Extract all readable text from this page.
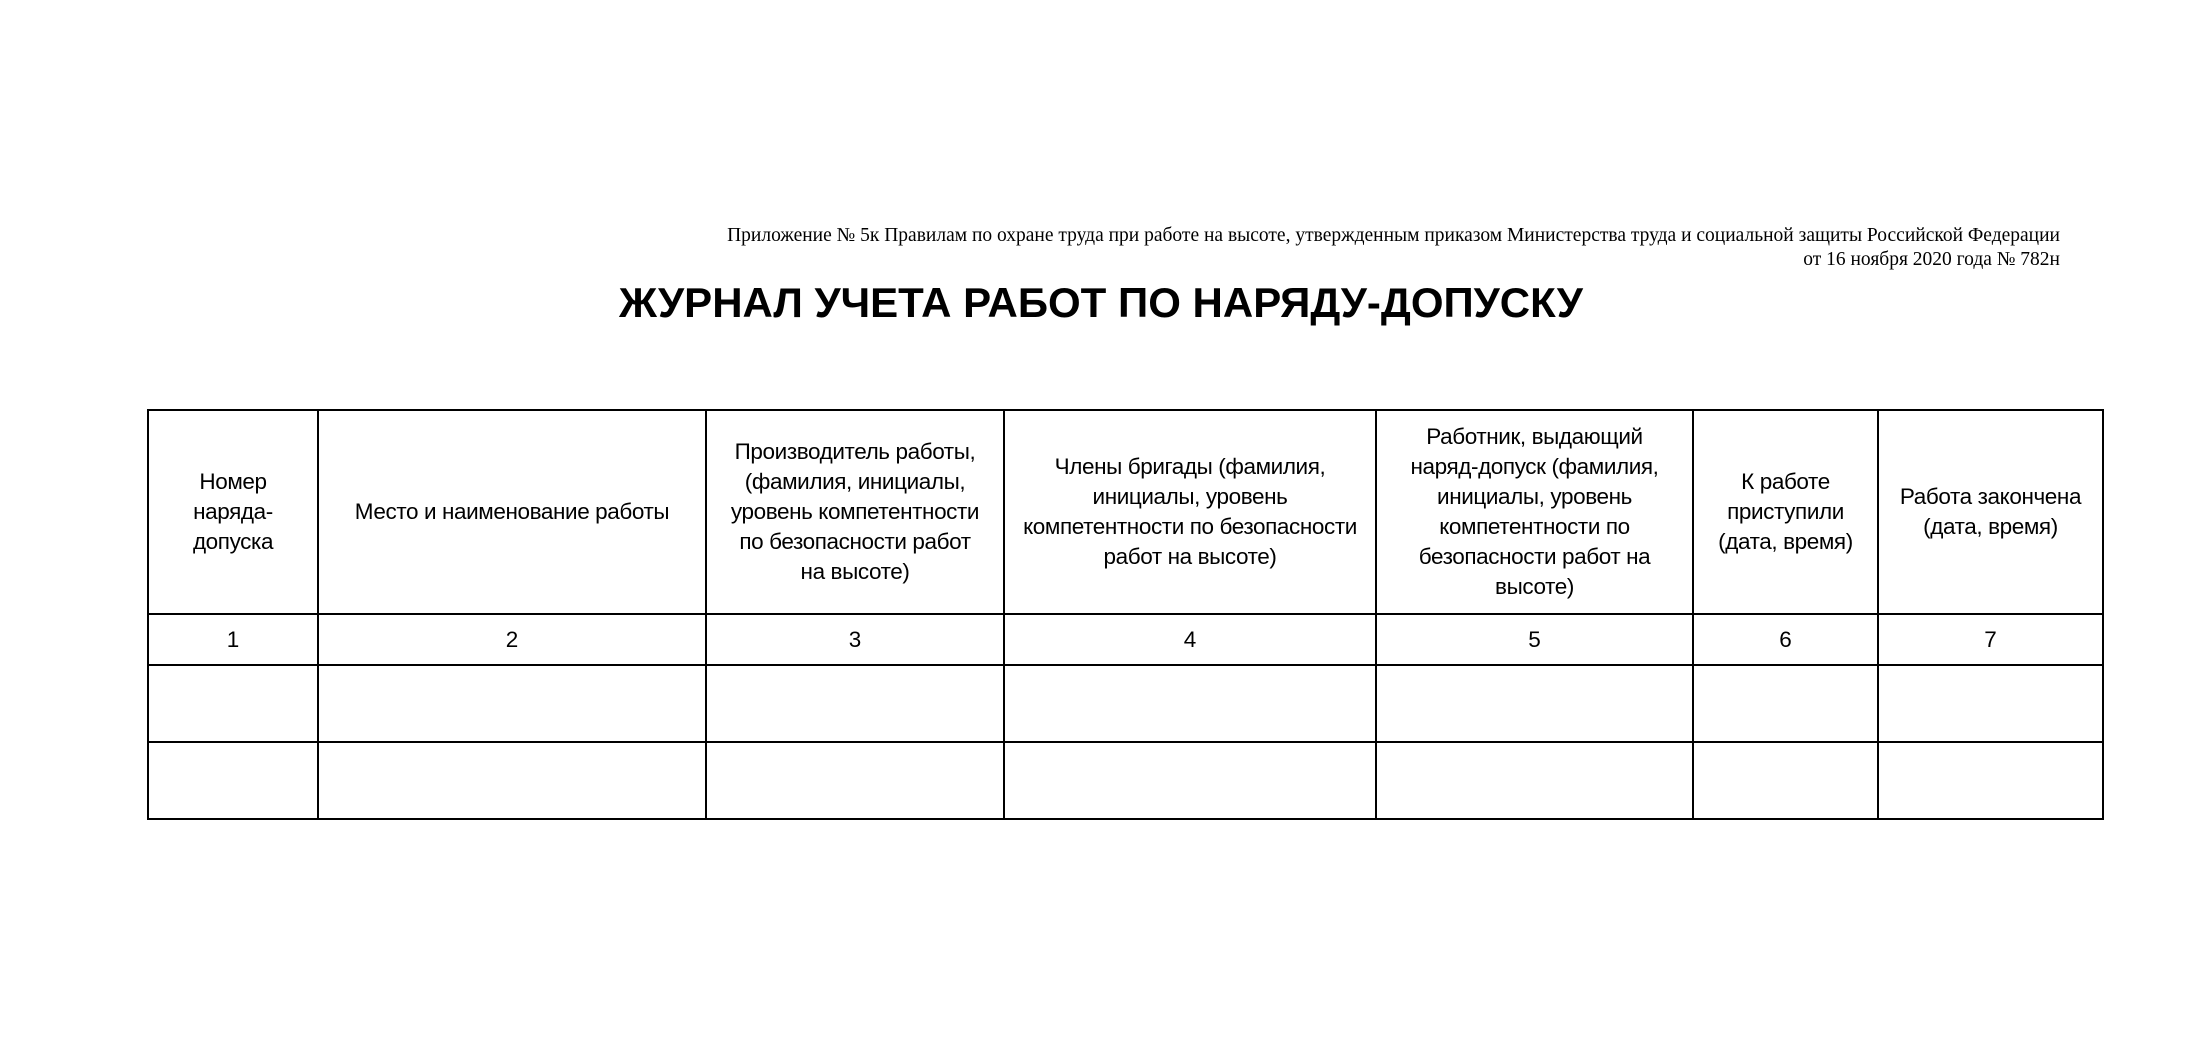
Приложение № 5к Правилам по охране труда при работе на высоте, утвержденным приказом Министерства труда и социальной защиты Российской Федерации
от 16 ноября 2020 года № 782н
ЖУРНАЛ УЧЕТА РАБОТ ПО НАРЯДУ-ДОПУСКУ
Номер наряда-допуска	Место и наименование работы	Производитель работы, (фамилия, инициалы, уровень компетентности по безопасности работ на высоте)	Члены бригады (фамилия, инициалы, уровень компетентности по безопасности работ на высоте)	Работник, выдающий наряд-допуск (фамилия, инициалы, уровень компетентности по безопасности работ на высоте)	К работе приступили (дата, время)	Работа закончена (дата, время)
1	2	3	4	5	6	7
